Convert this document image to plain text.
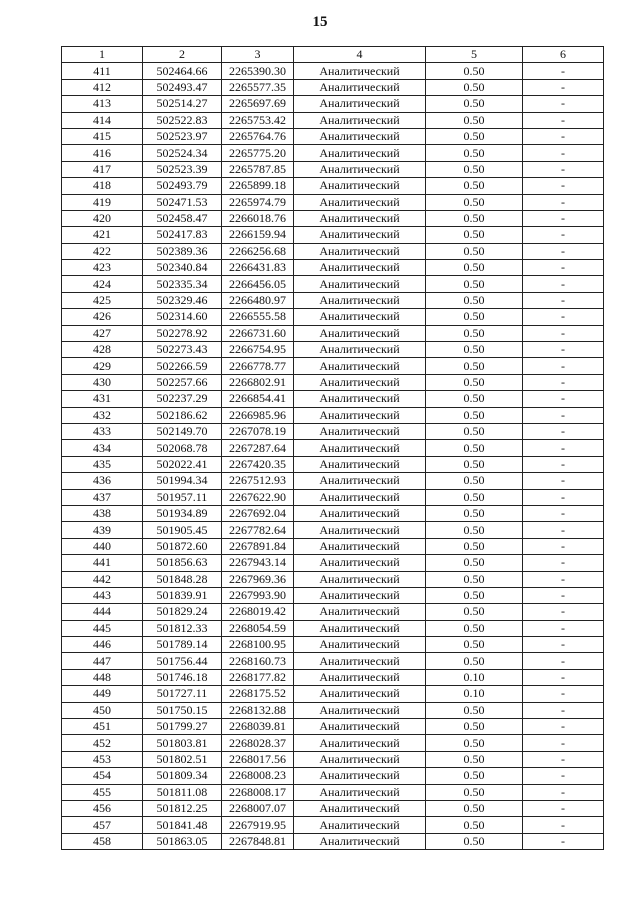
15
1	2	3	4	5	6
411	502464.66	2265390.30	Аналитический	0.50	-
412	502493.47	2265577.35	Аналитический	0.50	-
413	502514.27	2265697.69	Аналитический	0.50	-
414	502522.83	2265753.42	Аналитический	0.50	-
415	502523.97	2265764.76	Аналитический	0.50	-
416	502524.34	2265775.20	Аналитический	0.50	-
417	502523.39	2265787.85	Аналитический	0.50	-
418	502493.79	2265899.18	Аналитический	0.50	-
419	502471.53	2265974.79	Аналитический	0.50	-
420	502458.47	2266018.76	Аналитический	0.50	-
421	502417.83	2266159.94	Аналитический	0.50	-
422	502389.36	2266256.68	Аналитический	0.50	-
423	502340.84	2266431.83	Аналитический	0.50	-
424	502335.34	2266456.05	Аналитический	0.50	-
425	502329.46	2266480.97	Аналитический	0.50	-
426	502314.60	2266555.58	Аналитический	0.50	-
427	502278.92	2266731.60	Аналитический	0.50	-
428	502273.43	2266754.95	Аналитический	0.50	-
429	502266.59	2266778.77	Аналитический	0.50	-
430	502257.66	2266802.91	Аналитический	0.50	-
431	502237.29	2266854.41	Аналитический	0.50	-
432	502186.62	2266985.96	Аналитический	0.50	-
433	502149.70	2267078.19	Аналитический	0.50	-
434	502068.78	2267287.64	Аналитический	0.50	-
435	502022.41	2267420.35	Аналитический	0.50	-
436	501994.34	2267512.93	Аналитический	0.50	-
437	501957.11	2267622.90	Аналитический	0.50	-
438	501934.89	2267692.04	Аналитический	0.50	-
439	501905.45	2267782.64	Аналитический	0.50	-
440	501872.60	2267891.84	Аналитический	0.50	-
441	501856.63	2267943.14	Аналитический	0.50	-
442	501848.28	2267969.36	Аналитический	0.50	-
443	501839.91	2267993.90	Аналитический	0.50	-
444	501829.24	2268019.42	Аналитический	0.50	-
445	501812.33	2268054.59	Аналитический	0.50	-
446	501789.14	2268100.95	Аналитический	0.50	-
447	501756.44	2268160.73	Аналитический	0.50	-
448	501746.18	2268177.82	Аналитический	0.10	-
449	501727.11	2268175.52	Аналитический	0.10	-
450	501750.15	2268132.88	Аналитический	0.50	-
451	501799.27	2268039.81	Аналитический	0.50	-
452	501803.81	2268028.37	Аналитический	0.50	-
453	501802.51	2268017.56	Аналитический	0.50	-
454	501809.34	2268008.23	Аналитический	0.50	-
455	501811.08	2268008.17	Аналитический	0.50	-
456	501812.25	2268007.07	Аналитический	0.50	-
457	501841.48	2267919.95	Аналитический	0.50	-
458	501863.05	2267848.81	Аналитический	0.50	-
